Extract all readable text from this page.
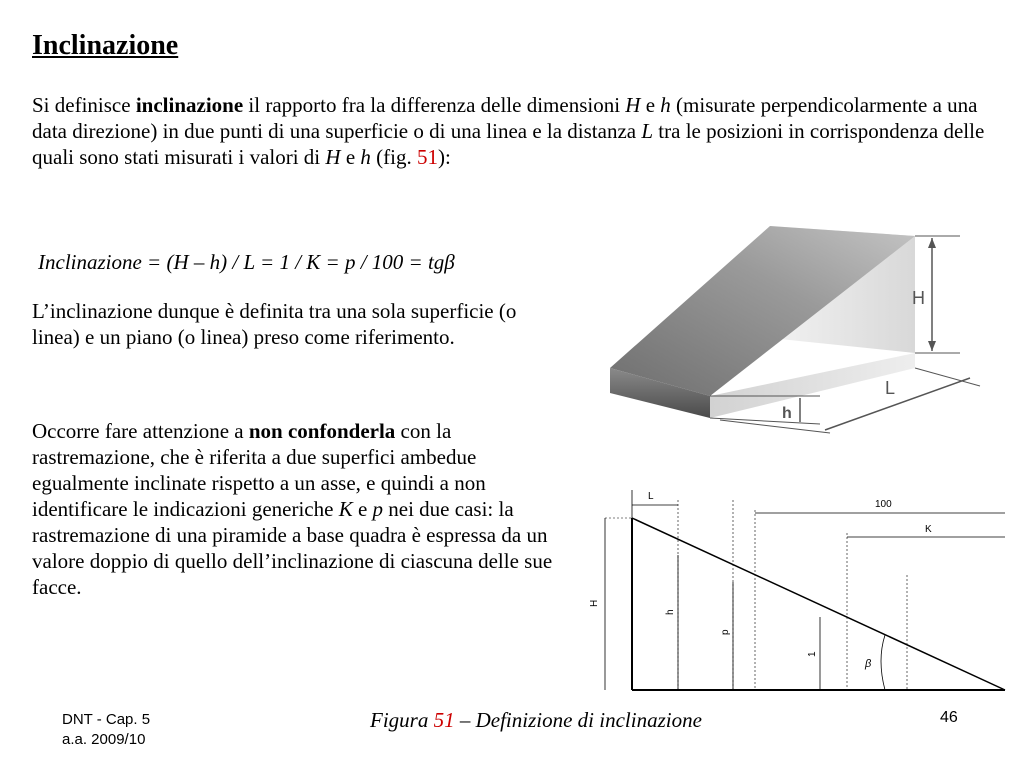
Inclinazione
Si definisce inclinazione il rapporto fra la differenza delle dimensioni H e h (misurate perpendicolarmente a una data direzione) in due punti di una superficie o di una linea e la distanza L tra le posizioni in corrispondenza delle quali sono stati misurati i valori di H e h (fig. 51):
Inclinazione = (H – h) / L = 1 / K = p / 100 = tgβ
L’inclinazione dunque è definita tra una sola superficie (o linea) e un piano (o linea) preso come riferimento.
Occorre fare attenzione a non confonderla con la rastremazione, che è riferita a due superfici ambedue egualmente inclinate rispetto a un asse, e quindi a non identificare le indicazioni generiche K e p nei due casi: la rastremazione di una piramide a base quadra è espressa da un valore doppio di quello dell’inclinazione di ciascuna delle sue facce.
H
L
h
L
100
K
H
h
p
1
β
Figura 51 – Definizione di inclinazione
DNT - Cap. 5
a.a. 2009/10
46
